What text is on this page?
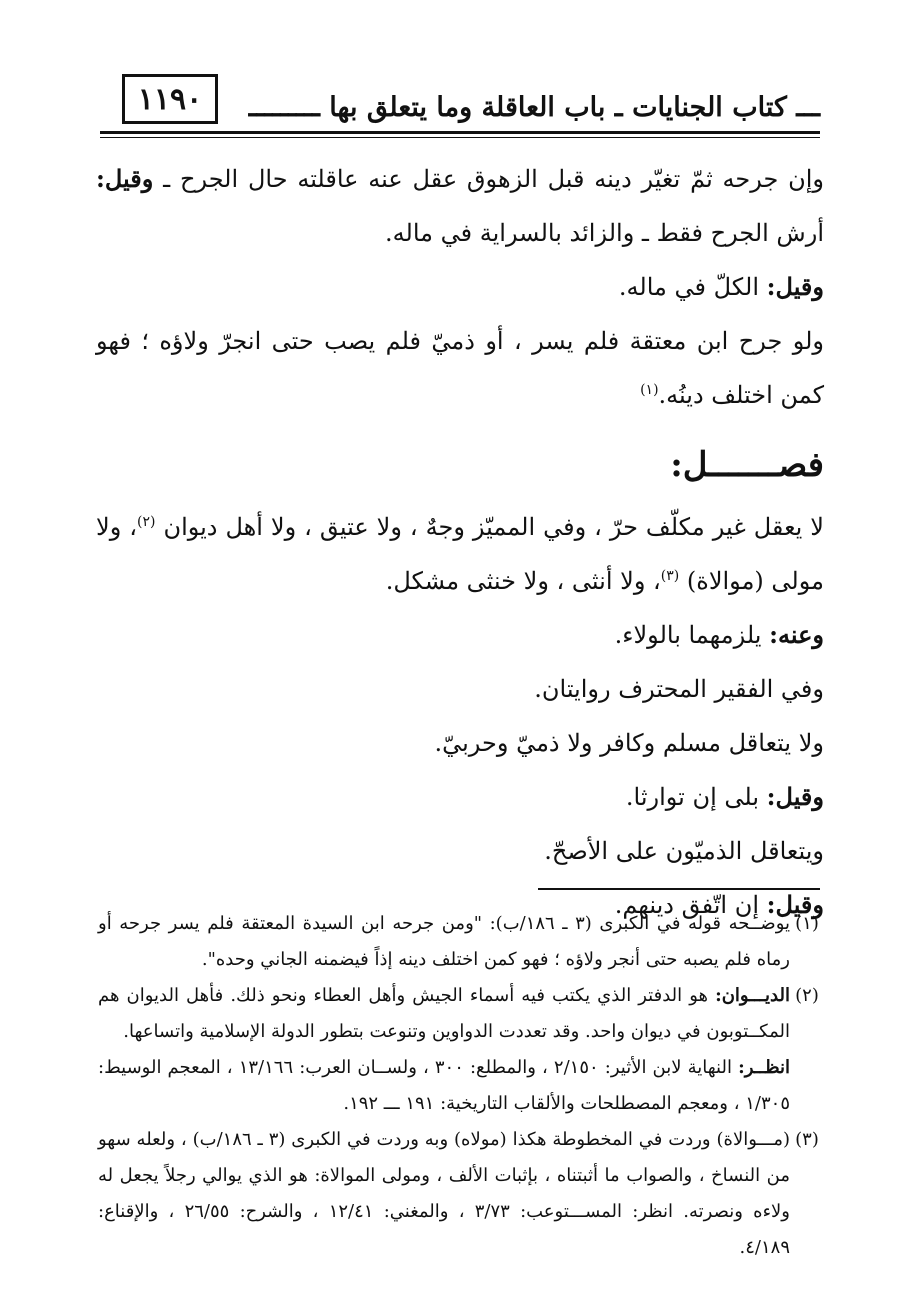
١١٩٠	ـــ كتاب الجنايات ـ باب العاقلة وما يتعلق بها ـــــــــ

وإن جرحه ثمّ تغيّر دينه قبل الزهوق عقل عنه عاقلته حال الجرح ـ وقيل: أرش الجرح فقط ـ والزائد بالسراية في ماله.

وقيل: الكلّ في ماله.

ولو جرح ابن معتقة فلم يسر ، أو ذميّ فلم يصب حتى انجرّ ولاؤه ؛ فهو كمن اختلف دينُه.$^{(١)}$

فصـــــــل:

لا يعقل غير مكلّف حرّ ، وفي المميّز وجهٌ ، ولا عتيق ، ولا أهل ديوان $^{(٢)}$، ولا مولى (موالاة) $^{(٣)}$، ولا أنثى ، ولا خنثى مشكل.

وعنه: يلزمهما بالولاء.

وفي الفقير المحترف روايتان.

ولا يتعاقل مسلم وكافر ولا ذميّ وحربيّ.

وقيل: بلى إن توارثا.

ويتعاقل الذميّون على الأصحّ.

وقيل: إن اتّفق دينهم.

(١)
يوضــحه قوله في الكبرى (٣ ـ ١٨٦/ب): "ومن جرحه ابن السيدة المعتقة فلم يسر جرحه أو رماه فلم يصبه حتى أنجر ولاؤه ؛ فهو كمن اختلف دينه إذاً فيضمنه الجاني وحده".
(٢)
الديـــوان: هو الدفتر الذي يكتب فيه أسماء الجيش وأهل العطاء ونحو ذلك. فأهل الديوان هم المكــتوبون في ديوان واحد. وقد تعددت الدواوين وتنوعت بتطور الدولة الإسلامية واتساعها.
انظــر: النهاية لابن الأثير: ٢/١٥٠ ، والمطلع: ٣٠٠ ، ولســان العرب: ١٣/١٦٦ ، المعجم الوسيط: ١/٣٠٥ ، ومعجم المصطلحات والألقاب التاريخية: ١٩١ ـــ ١٩٢.
(٣)
(مـــوالاة) وردت في المخطوطة هكذا (مولاه) وبه وردت في الكبرى (٣ ـ ١٨٦/ب) ، ولعله سهو من النساخ ، والصواب ما أثبتناه ، بإثبات الألف ، ومولى الموالاة: هو الذي يوالي رجلاً يجعل له ولاءه ونصرته. انظر: المســـتوعب: ٣/٧٣ ، والمغني: ١٢/٤١ ، والشرح: ٢٦/٥٥ ، والإقناع: ٤/١٨٩.
